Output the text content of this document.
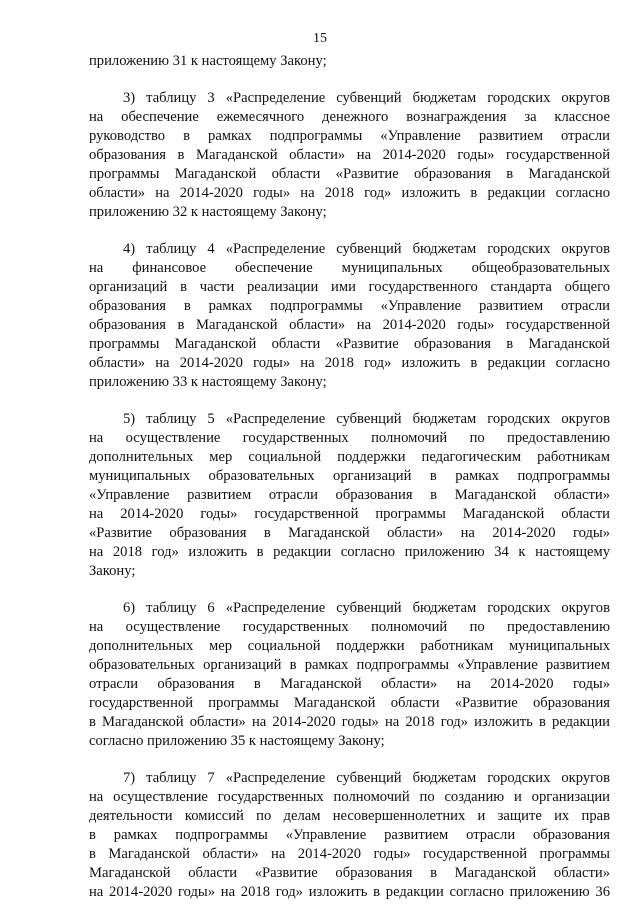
15
приложению 31 к настоящему Закону;
3) таблицу 3 «Распределение субвенций бюджетам городских округов
на обеспечение ежемесячного денежного вознаграждения за классное
руководство в рамках подпрограммы «Управление развитием отрасли
образования в Магаданской области» на 2014-2020 годы» государственной
программы Магаданской области «Развитие образования в Магаданской
области» на 2014-2020 годы» на 2018 год» изложить в редакции согласно
приложению 32 к настоящему Закону;
4) таблицу 4 «Распределение субвенций бюджетам городских округов
на финансовое обеспечение муниципальных общеобразовательных
организаций в части реализации ими государственного стандарта общего
образования в рамках подпрограммы «Управление развитием отрасли
образования в Магаданской области» на 2014-2020 годы» государственной
программы Магаданской области «Развитие образования в Магаданской
области» на 2014-2020 годы» на 2018 год» изложить в редакции согласно
приложению 33 к настоящему Закону;
5) таблицу 5 «Распределение субвенций бюджетам городских округов
на осуществление государственных полномочий по предоставлению
дополнительных мер социальной поддержки педагогическим работникам
муниципальных образовательных организаций в рамках подпрограммы
«Управление развитием отрасли образования в Магаданской области»
на 2014-2020 годы» государственной программы Магаданской области
«Развитие образования в Магаданской области» на 2014-2020 годы»
на 2018 год» изложить в редакции согласно приложению 34 к настоящему
Закону;
6) таблицу 6 «Распределение субвенций бюджетам городских округов
на осуществление государственных полномочий по предоставлению
дополнительных мер социальной поддержки работникам муниципальных
образовательных организаций в рамках подпрограммы «Управление развитием
отрасли образования в Магаданской области» на 2014-2020 годы»
государственной программы Магаданской области «Развитие образования
в Магаданской области» на 2014-2020 годы» на 2018 год» изложить в редакции
согласно приложению 35 к настоящему Закону;
7) таблицу 7 «Распределение субвенций бюджетам городских округов
на осуществление государственных полномочий по созданию и организации
деятельности комиссий по делам несовершеннолетних и защите их прав
в рамках подпрограммы «Управление развитием отрасли образования
в Магаданской области» на 2014-2020 годы» государственной программы
Магаданской области «Развитие образования в Магаданской области»
на 2014-2020 годы» на 2018 год» изложить в редакции согласно приложению 36
